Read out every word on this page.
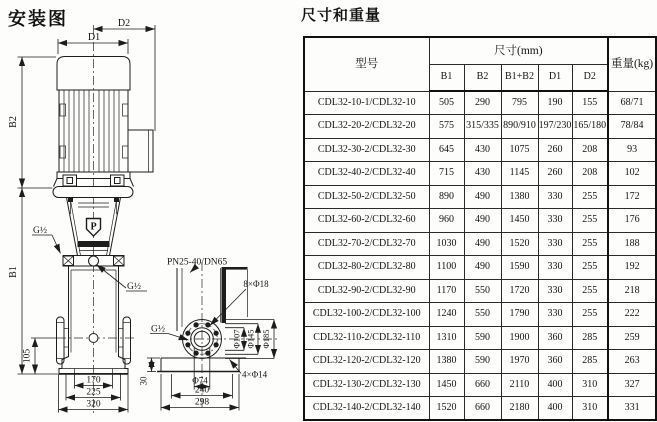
安装图	尺寸和重量
P
D2
D1
B2
B1
105
170
225
320
G½
G½
PN25-40/DN65
8×Φ18
G½
Φ107 Φ145 Φ185
4×Φ14
30	Φ74
240
298
型号	尺寸(mm)					重量(kg)
	B1	B2	B1+B2	D1	D2	
CDL32-10-1/CDL32-10	505	290	795	190	155	68/71
CDL32-20-2/CDL32-20	575	315/335	890/910	197/230	165/180	78/84
CDL32-30-2/CDL32-30	645	430	1075	260	208	93
CDL32-40-2/CDL32-40	715	430	1145	260	208	102
CDL32-50-2/CDL32-50	890	490	1380	330	255	172
CDL32-60-2/CDL32-60	960	490	1450	330	255	176
CDL32-70-2/CDL32-70	1030	490	1520	330	255	188
CDL32-80-2/CDL32-80	1100	490	1590	330	255	192
CDL32-90-2/CDL32-90	1170	550	1720	330	255	218
CDL32-100-2/CDL32-100	1240	550	1790	330	255	222
CDL32-110-2/CDL32-110	1310	590	1900	360	285	259
CDL32-120-2/CDL32-120	1380	590	1970	360	285	263
CDL32-130-2/CDL32-130	1450	660	2110	400	310	327
CDL32-140-2/CDL32-140	1520	660	2180	400	310	331
